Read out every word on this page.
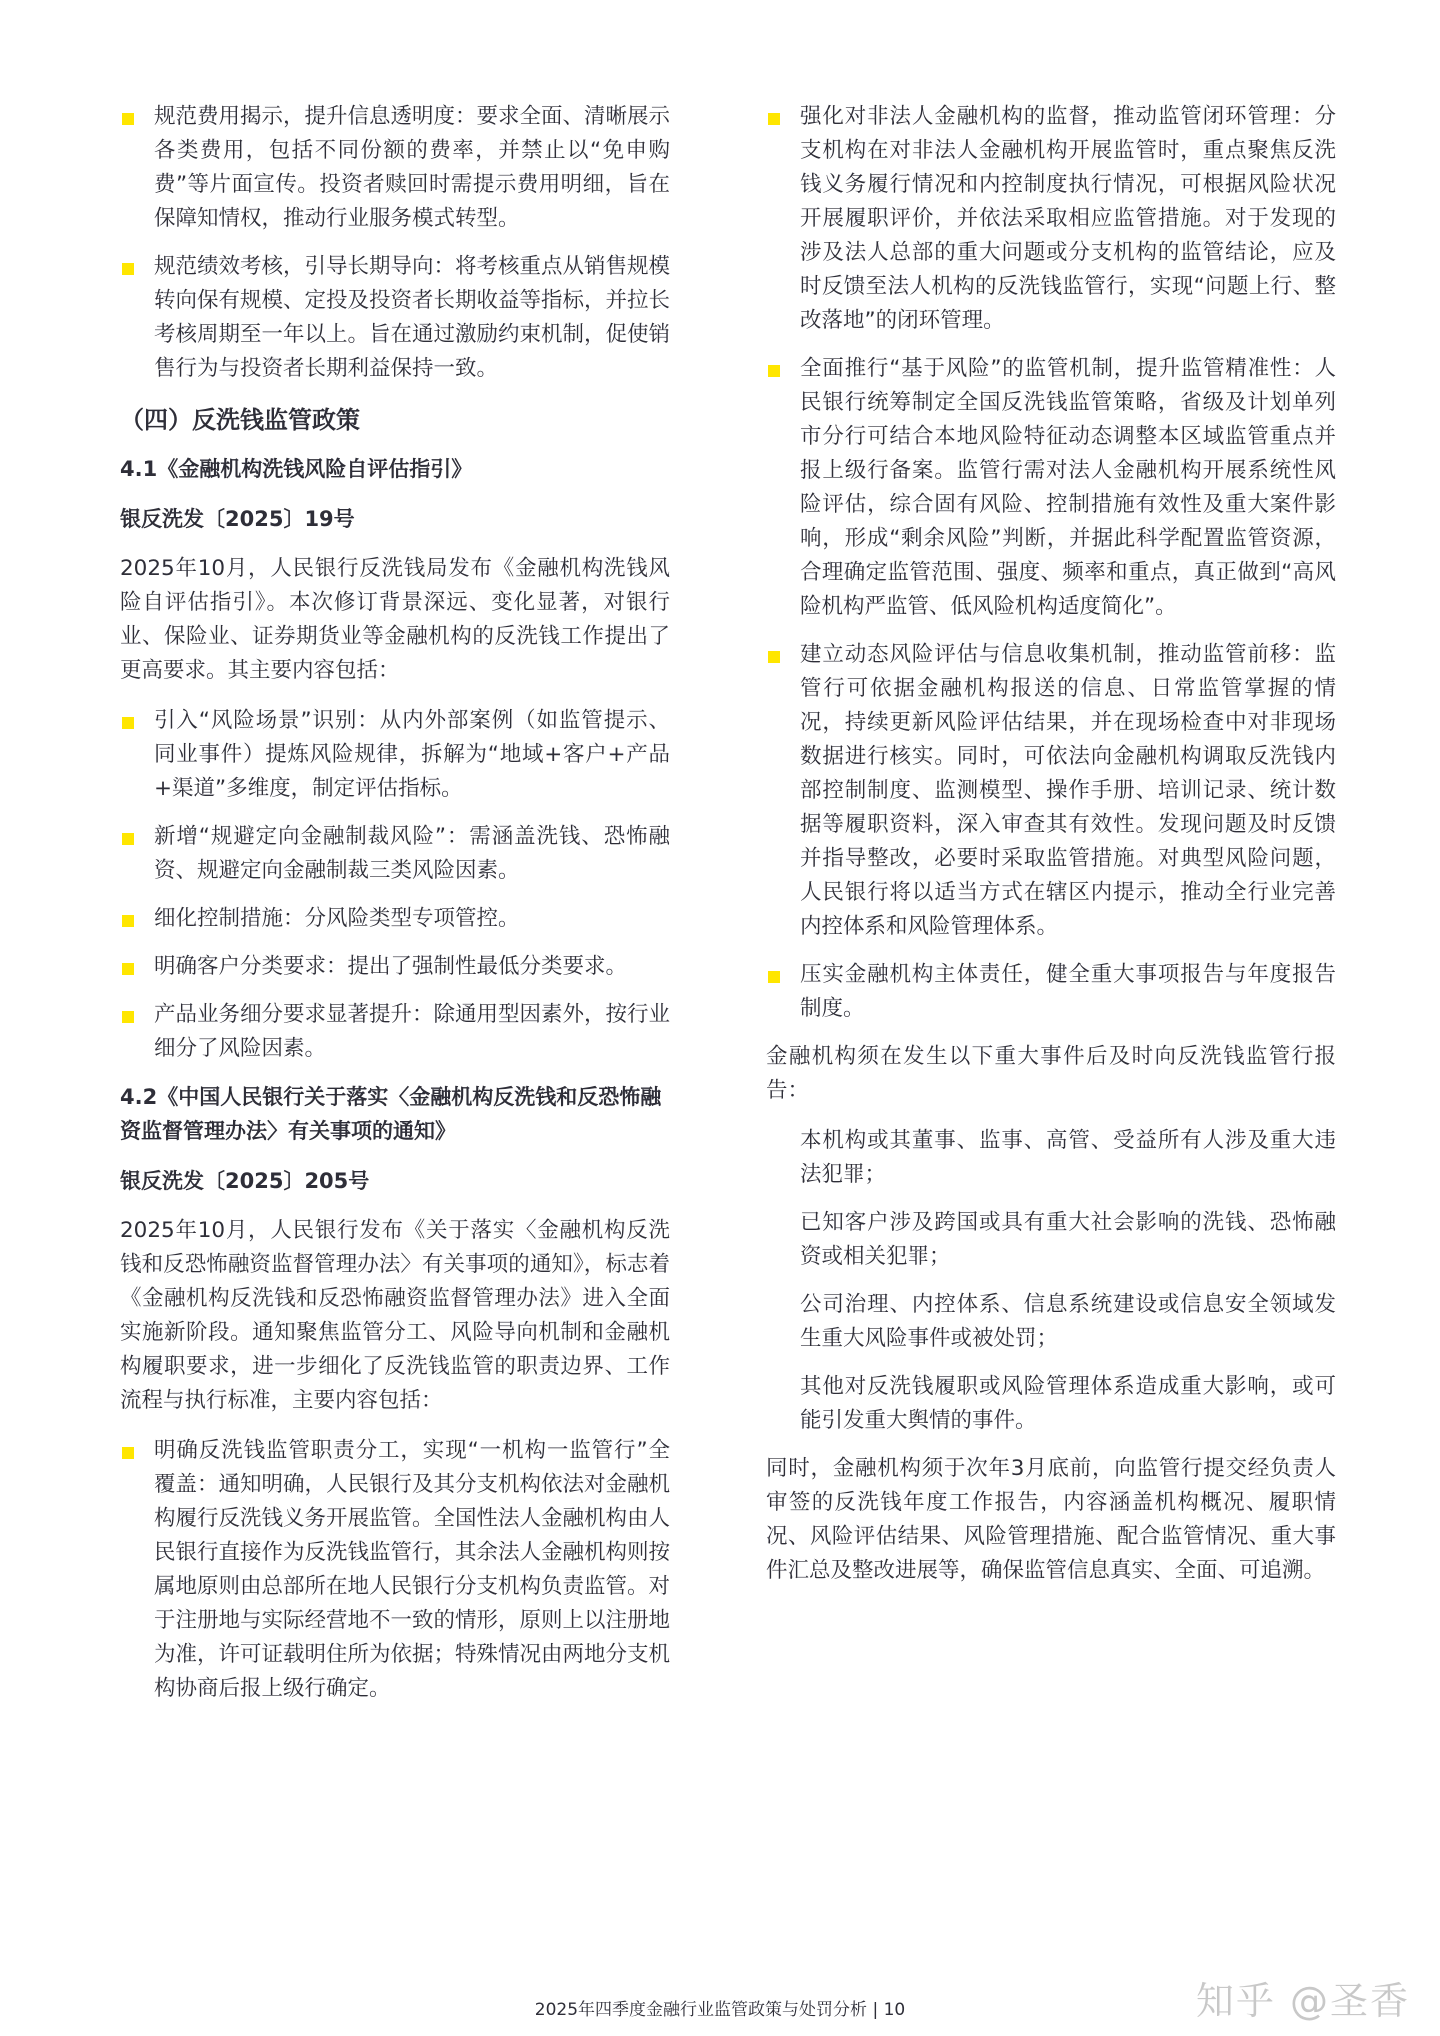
规范费用揭示，提升信息透明度：要求全面、清晰展示各类费用，包括不同份额的费率，并禁止以“免申购费”等片面宣传。投资者赎回时需提示费用明细，旨在保障知情权，推动行业服务模式转型。
规范绩效考核，引导长期导向：将考核重点从销售规模转向保有规模、定投及投资者长期收益等指标，并拉长考核周期至一年以上。旨在通过激励约束机制，促使销售行为与投资者长期利益保持一致。
（四）反洗钱监管政策
4.1《金融机构洗钱风险自评估指引》
银反洗发〔2025〕19号

2025年10月，人民银行反洗钱局发布《金融机构洗钱风险自评估指引》。本次修订背景深远、变化显著，对银行业、保险业、证券期货业等金融机构的反洗钱工作提出了更高要求。其主要内容包括：

引入“风险场景”识别：从内外部案例（如监管提示、同业事件）提炼风险规律，拆解为“地域+客户+产品+渠道”多维度，制定评估指标。
新增“规避定向金融制裁风险”：需涵盖洗钱、恐怖融资、规避定向金融制裁三类风险因素。
细化控制措施：分风险类型专项管控。
明确客户分类要求：提出了强制性最低分类要求。
产品业务细分要求显著提升：除通用型因素外，按行业细分了风险因素。
4.2《中国人民银行关于落实〈金融机构反洗钱和反恐怖融资监督管理办法〉有关事项的通知》
银反洗发〔2025〕205号

2025年10月，人民银行发布《关于落实〈金融机构反洗钱和反恐怖融资监督管理办法〉有关事项的通知》，标志着《金融机构反洗钱和反恐怖融资监督管理办法》进入全面实施新阶段。通知聚焦监管分工、风险导向机制和金融机构履职要求，进一步细化了反洗钱监管的职责边界、工作流程与执行标准，主要内容包括：

明确反洗钱监管职责分工，实现“一机构一监管行”全覆盖：通知明确，人民银行及其分支机构依法对金融机构履行反洗钱义务开展监管。全国性法人金融机构由人民银行直接作为反洗钱监管行，其余法人金融机构则按属地原则由总部所在地人民银行分支机构负责监管。对于注册地与实际经营地不一致的情形，原则上以注册地为准，许可证载明住所为依据；特殊情况由两地分支机构协商后报上级行确定。
强化对非法人金融机构的监督，推动监管闭环管理：分支机构在对非法人金融机构开展监管时，重点聚焦反洗钱义务履行情况和内控制度执行情况，可根据风险状况开展履职评价，并依法采取相应监管措施。对于发现的涉及法人总部的重大问题或分支机构的监管结论，应及时反馈至法人机构的反洗钱监管行，实现“问题上行、整改落地”的闭环管理。
全面推行“基于风险”的监管机制，提升监管精准性：人民银行统筹制定全国反洗钱监管策略，省级及计划单列市分行可结合本地风险特征动态调整本区域监管重点并报上级行备案。监管行需对法人金融机构开展系统性风险评估，综合固有风险、控制措施有效性及重大案件影响，形成“剩余风险”判断，并据此科学配置监管资源，合理确定监管范围、强度、频率和重点，真正做到“高风险机构严监管、低风险机构适度简化”。
建立动态风险评估与信息收集机制，推动监管前移：监管行可依据金融机构报送的信息、日常监管掌握的情况，持续更新风险评估结果，并在现场检查中对非现场数据进行核实。同时，可依法向金融机构调取反洗钱内部控制制度、监测模型、操作手册、培训记录、统计数据等履职资料，深入审查其有效性。发现问题及时反馈并指导整改，必要时采取监管措施。对典型风险问题，人民银行将以适当方式在辖区内提示，推动全行业完善内控体系和风险管理体系。
压实金融机构主体责任，健全重大事项报告与年度报告制度。

金融机构须在发生以下重大事件后及时向反洗钱监管行报告：

本机构或其董事、监事、高管、受益所有人涉及重大违法犯罪；
已知客户涉及跨国或具有重大社会影响的洗钱、恐怖融资或相关犯罪；
公司治理、内控体系、信息系统建设或信息安全领域发生重大风险事件或被处罚；
其他对反洗钱履职或风险管理体系造成重大影响，或可能引发重大舆情的事件。

同时，金融机构须于次年3月底前，向监管行提交经负责人审签的反洗钱年度工作报告，内容涵盖机构概况、履职情况、风险评估结果、风险管理措施、配合监管情况、重大事件汇总及整改进展等，确保监管信息真实、全面、可追溯。

2025年四季度金融行业监管政策与处罚分析 | 10	知乎 @圣香
